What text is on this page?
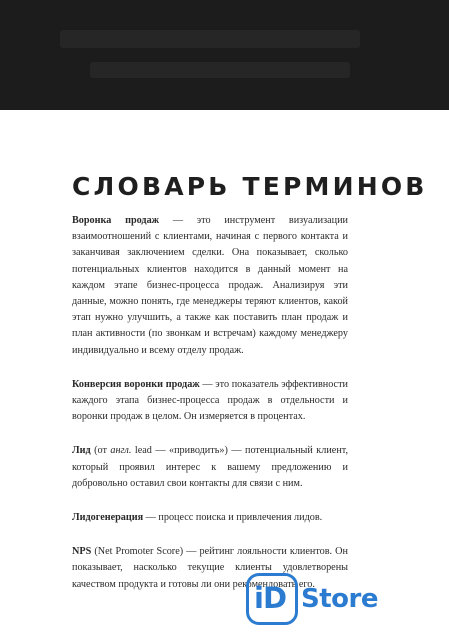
СЛОВАРЬ ТЕРМИНОВ

Воронка продаж — это инструмент визуализации взаимоотношений с клиентами, начиная с первого контакта и заканчивая заключением сделки. Она показывает, сколько потенциальных клиентов находится в данный момент на каждом этапе бизнес-процесса продаж. Анализируя эти данные, можно понять, где менеджеры теряют клиентов, какой этап нужно улучшить, а также как поставить план продаж и план активности (по звонкам и встречам) каждому менеджеру индивидуально и всему отделу продаж.

Конверсия воронки продаж — это показатель эффективности каждого этапа бизнес-процесса продаж в отдельности и воронки продаж в целом. Он измеряется в процентах.

Лид (от англ. lead — «приводить») — потенциальный клиент, который проявил интерес к вашему предложению и добровольно оставил свои контакты для связи с ним.

Лидогенерация — процесс поиска и привлечения лидов.

NPS (Net Promoter Score) — рейтинг лояльности клиентов. Он показывает, насколько текущие клиенты удовлетворены качеством продукта и готовы ли они рекомендовать его.

iD Store
